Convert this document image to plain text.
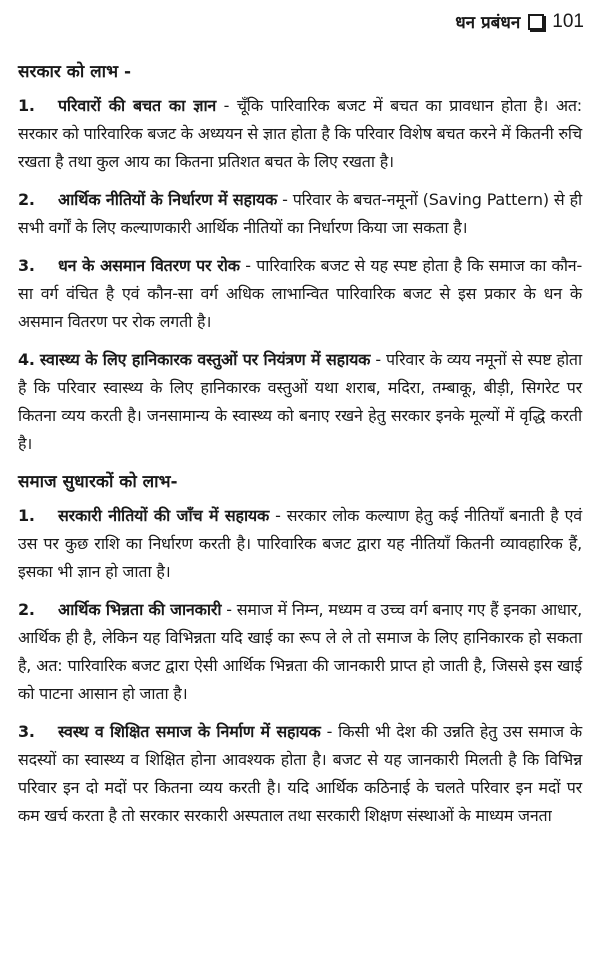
धन प्रबंधन 101
सरकार को लाभ -

1. परिवारों की बचत का ज्ञान - चूँकि पारिवारिक बजट में बचत का प्रावधान होता है। अत: सरकार को पारिवारिक बजट के अध्ययन से ज्ञात होता है कि परिवार विशेष बचत करने में कितनी रुचि रखता है तथा कुल आय का कितना प्रतिशत बचत के लिए रखता है।

2. आर्थिक नीतियों के निर्धारण में सहायक - परिवार के बचत-नमूनों (Saving Pattern) से ही सभी वर्गों के लिए कल्याणकारी आर्थिक नीतियों का निर्धारण किया जा सकता है।

3. धन के असमान वितरण पर रोक - पारिवारिक बजट से यह स्पष्ट होता है कि समाज का कौन-सा वर्ग वंचित है एवं कौन-सा वर्ग अधिक लाभान्वित पारिवारिक बजट से इस प्रकार के धन के असमान वितरण पर रोक लगती है।

4. स्वास्थ्य के लिए हानिकारक वस्तुओं पर नियंत्रण में सहायक - परिवार के व्यय नमूनों से स्पष्ट होता है कि परिवार स्वास्थ्य के लिए हानिकारक वस्तुओं यथा शराब, मदिरा, तम्बाकू, बीड़ी, सिगरेट पर कितना व्यय करती है। जनसामान्य के स्वास्थ्य को बनाए रखने हेतु सरकार इनके मूल्यों में वृद्धि करती है।

समाज सुधारकों को लाभ-

1. सरकारी नीतियों की जाँच में सहायक - सरकार लोक कल्याण हेतु कई नीतियाँ बनाती है एवं उस पर कुछ राशि का निर्धारण करती है। पारिवारिक बजट द्वारा यह नीतियाँ कितनी व्यावहारिक हैं, इसका भी ज्ञान हो जाता है।

2. आर्थिक भिन्नता की जानकारी - समाज में निम्न, मध्यम व उच्च वर्ग बनाए गए हैं इनका आधार, आर्थिक ही है, लेकिन यह विभिन्नता यदि खाई का रूप ले ले तो समाज के लिए हानिकारक हो सकता है, अत: पारिवारिक बजट द्वारा ऐसी आर्थिक भिन्नता की जानकारी प्राप्त हो जाती है, जिससे इस खाई को पाटना आसान हो जाता है।

3. स्वस्थ व शिक्षित समाज के निर्माण में सहायक - किसी भी देश की उन्नति हेतु उस समाज के सदस्यों का स्वास्थ्य व शिक्षित होना आवश्यक होता है। बजट से यह जानकारी मिलती है कि विभिन्न परिवार इन दो मदों पर कितना व्यय करती है। यदि आर्थिक कठिनाई के चलते परिवार इन मदों पर कम खर्च करता है तो सरकार सरकारी अस्पताल तथा सरकारी शिक्षण संस्थाओं के माध्यम जनता
